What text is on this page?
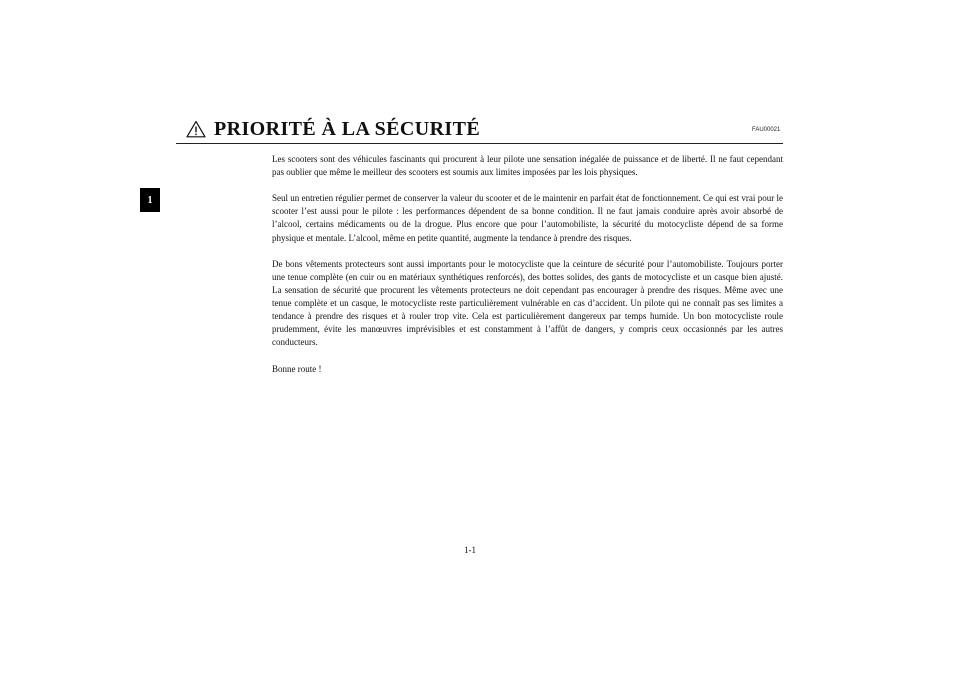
PRIORITÉ À LA SÉCURITÉ	FAU00021
1

Les scooters sont des véhicules fascinants qui procurent à leur pilote une sensation inégalée de puissance et de liberté. Il ne faut cependant pas oublier que même le meilleur des scooters est soumis aux limites imposées par les lois physiques.

Seul un entretien régulier permet de conserver la valeur du scooter et de le maintenir en parfait état de fonctionnement. Ce qui est vrai pour le scooter l’est aussi pour le pilote : les performances dépendent de sa bonne condition. Il ne faut jamais conduire après avoir absorbé de l’alcool, certains médicaments ou de la drogue. Plus encore que pour l’automobiliste, la sécurité du motocycliste dépend de sa forme physique et mentale. L’alcool, même en petite quantité, augmente la tendance à prendre des risques.

De bons vêtements protecteurs sont aussi importants pour le motocycliste que la ceinture de sécurité pour l’automobiliste. Toujours porter une tenue complète (en cuir ou en matériaux synthétiques renforcés), des bottes solides, des gants de motocycliste et un casque bien ajusté. La sensation de sécurité que procurent les vêtements protecteurs ne doit cependant pas encourager à prendre des risques. Même avec une tenue complète et un casque, le motocycliste reste particulièrement vulnérable en cas d’accident. Un pilote qui ne connaît pas ses limites a tendance à prendre des risques et à rouler trop vite. Cela est particulièrement dangereux par temps humide. Un bon motocycliste roule prudemment, évite les manœuvres imprévisibles et est constamment à l’affût de dangers, y compris ceux occasionnés par les autres conducteurs.

Bonne route !

1-1
